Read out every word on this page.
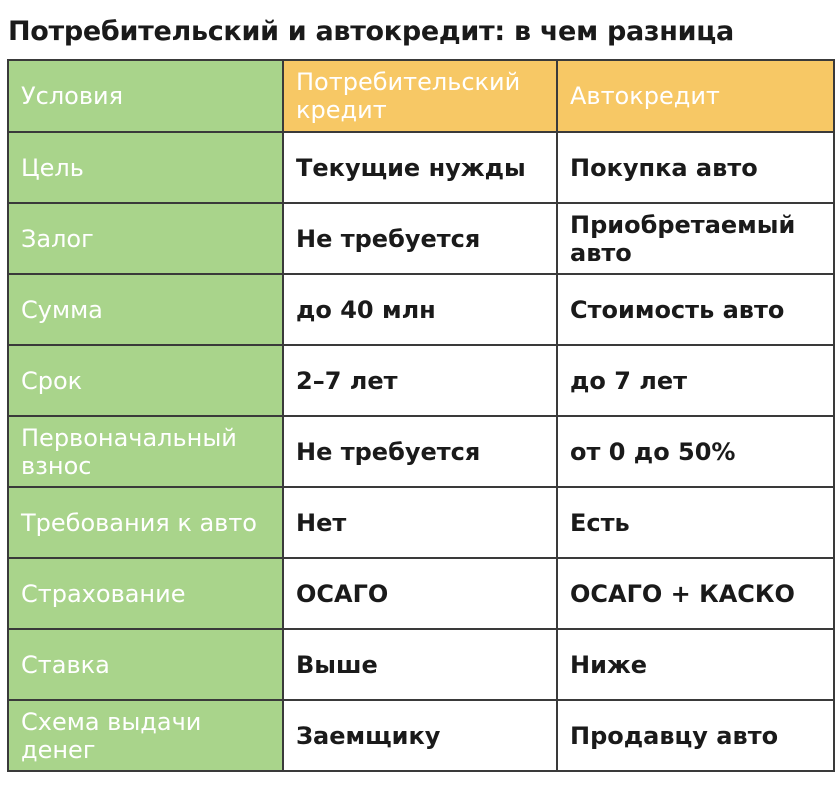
Потребительский и автокредит: в чем разница
Условия	Потребительский кредит	Автокредит
Цель	Текущие нужды	Покупка авто
Залог	Не требуется	Приобретаемый авто
Сумма	до 40 млн	Стоимость авто
Срок	2–7 лет	до 7 лет
Первоначальный взнос	Не требуется	от 0 до 50%
Требования к авто	Нет	Есть
Страхование	ОСАГО	ОСАГО + КАСКО
Ставка	Выше	Ниже
Схема выдачи денег	Заемщику	Продавцу авто
